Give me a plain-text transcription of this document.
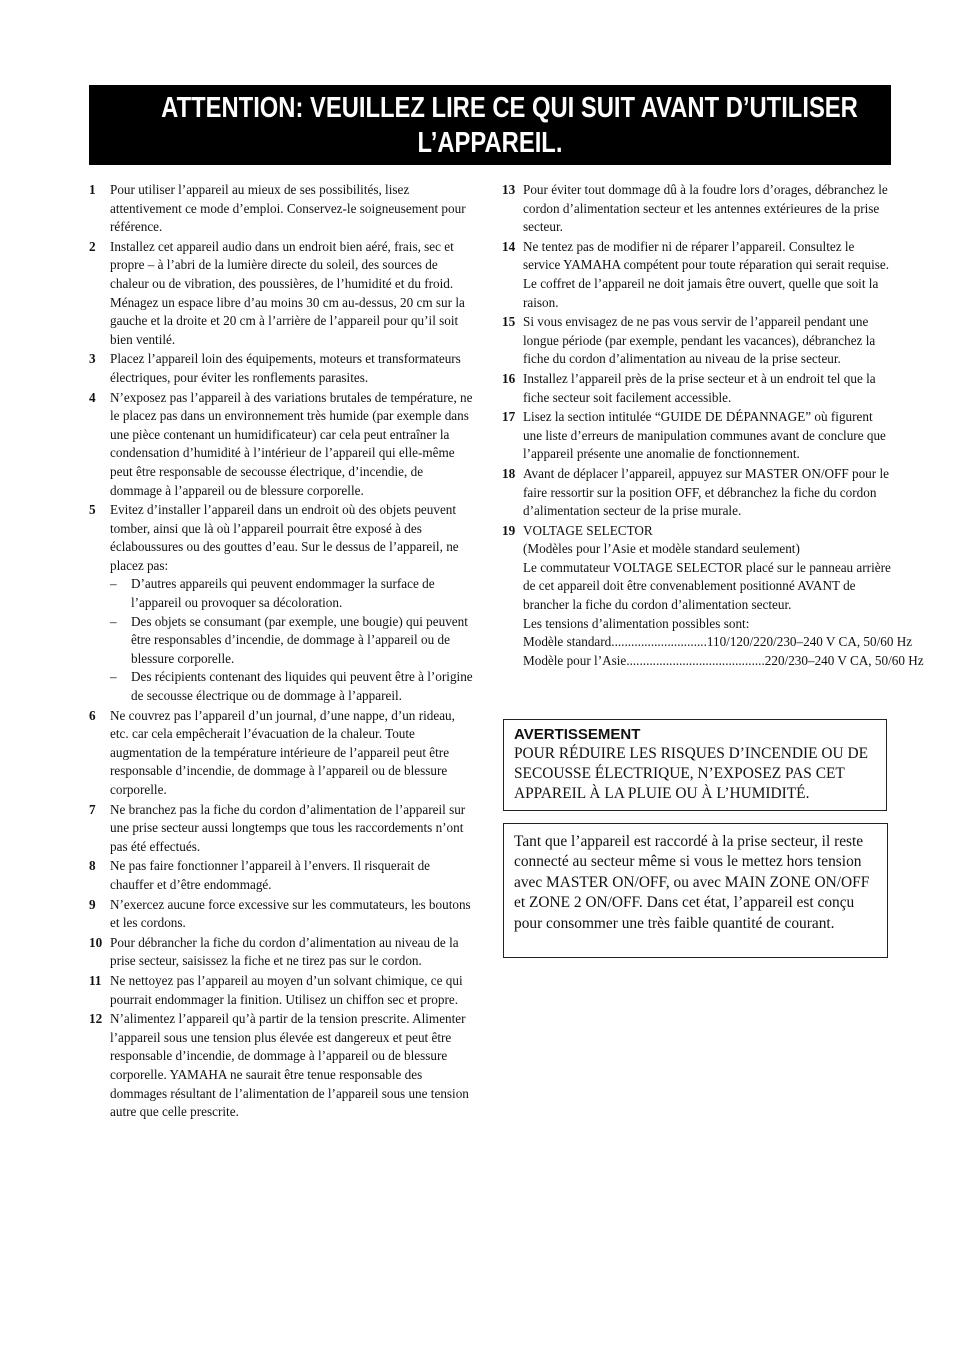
ATTENTION: VEUILLEZ LIRE CE QUI SUIT AVANT D’UTILISER
L’APPAREIL.
1	Pour utiliser l’appareil au mieux de ses possibilités, lisez attentivement ce mode d’emploi. Conservez-le soigneusement pour référence.
2	Installez cet appareil audio dans un endroit bien aéré, frais, sec et propre – à l’abri de la lumière directe du soleil, des sources de chaleur ou de vibration, des poussières, de l’humidité et du froid. Ménagez un espace libre d’au moins 30 cm au-dessus, 20 cm sur la gauche et la droite et 20 cm à l’arrière de l’appareil pour qu’il soit bien ventilé.
3	Placez l’appareil loin des équipements, moteurs et transformateurs électriques, pour éviter les ronflements parasites.
4	N’exposez pas l’appareil à des variations brutales de température, ne le placez pas dans un environnement très humide (par exemple dans une pièce contenant un humidificateur) car cela peut entraîner la condensation d’humidité à l’intérieur de l’appareil qui elle-même peut être responsable de secousse électrique, d’incendie, de dommage à l’appareil ou de blessure corporelle.
5	Evitez d’installer l’appareil dans un endroit où des objets peuvent tomber, ainsi que là où l’appareil pourrait être exposé à des éclaboussures ou des gouttes d’eau. Sur le dessus de l’appareil, ne placez pas:
–	D’autres appareils qui peuvent endommager la surface de l’appareil ou provoquer sa décoloration.
–	Des objets se consumant (par exemple, une bougie) qui peuvent être responsables d’incendie, de dommage à l’appareil ou de blessure corporelle.
–	Des récipients contenant des liquides qui peuvent être à l’origine de secousse électrique ou de dommage à l’appareil.
6	Ne couvrez pas l’appareil d’un journal, d’une nappe, d’un rideau, etc. car cela empêcherait l’évacuation de la chaleur. Toute augmentation de la température intérieure de l’appareil peut être responsable d’incendie, de dommage à l’appareil ou de blessure corporelle.
7	Ne branchez pas la fiche du cordon d’alimentation de l’appareil sur une prise secteur aussi longtemps que tous les raccordements n’ont pas été effectués.
8	Ne pas faire fonctionner l’appareil à l’envers. Il risquerait de chauffer et d’être endommagé.
9	N’exercez aucune force excessive sur les commutateurs, les boutons et les cordons.
10 Pour débrancher la fiche du cordon d’alimentation au niveau de la prise secteur, saisissez la fiche et ne tirez pas sur le cordon.
11 Ne nettoyez pas l’appareil au moyen d’un solvant chimique, ce qui pourrait endommager la finition. Utilisez un chiffon sec et propre.
12 N’alimentez l’appareil qu’à partir de la tension prescrite. Alimenter l’appareil sous une tension plus élevée est dangereux et peut être responsable d’incendie, de dommage à l’appareil ou de blessure corporelle. YAMAHA ne saurait être tenue responsable des dommages résultant de l’alimentation de l’appareil sous une tension autre que celle prescrite.
13 Pour éviter tout dommage dû à la foudre lors d’orages, débranchez le cordon d’alimentation secteur et les antennes extérieures de la prise secteur.
14 Ne tentez pas de modifier ni de réparer l’appareil. Consultez le service YAMAHA compétent pour toute réparation qui serait requise. Le coffret de l’appareil ne doit jamais être ouvert, quelle que soit la raison.
15 Si vous envisagez de ne pas vous servir de l’appareil pendant une longue période (par exemple, pendant les vacances), débranchez la fiche du cordon d’alimentation au niveau de la prise secteur.
16 Installez l’appareil près de la prise secteur et à un endroit tel que la fiche secteur soit facilement accessible.
17 Lisez la section intitulée “GUIDE DE DÉPANNAGE” où figurent une liste d’erreurs de manipulation communes avant de conclure que l’appareil présente une anomalie de fonctionnement.
18 Avant de déplacer l’appareil, appuyez sur MASTER ON/OFF pour le faire ressortir sur la position OFF, et débranchez la fiche du cordon d’alimentation secteur de la prise murale.
19 VOLTAGE SELECTOR
(Modèles pour l’Asie et modèle standard seulement)
Le commutateur VOLTAGE SELECTOR placé sur le panneau arrière de cet appareil doit être convenablement positionné AVANT de brancher la fiche du cordon d’alimentation secteur.
Les tensions d’alimentation possibles sont:
Modèle standard ............................. 110/120/220/230–240 V CA, 50/60 Hz
Modèle pour l’Asie .......................................... 220/230–240 V CA, 50/60 Hz
AVERTISSEMENT

POUR RÉDUIRE LES RISQUES D’INCENDIE OU DE SECOUSSE ÉLECTRIQUE, N’EXPOSEZ PAS CET APPAREIL À LA PLUIE OU À L’HUMIDITÉ.

Tant que l’appareil est raccordé à la prise secteur, il reste connecté au secteur même si vous le mettez hors tension avec MASTER ON/OFF, ou avec MAIN ZONE ON/OFF et ZONE 2 ON/OFF. Dans cet état, l’appareil est conçu pour consommer une très faible quantité de courant.
